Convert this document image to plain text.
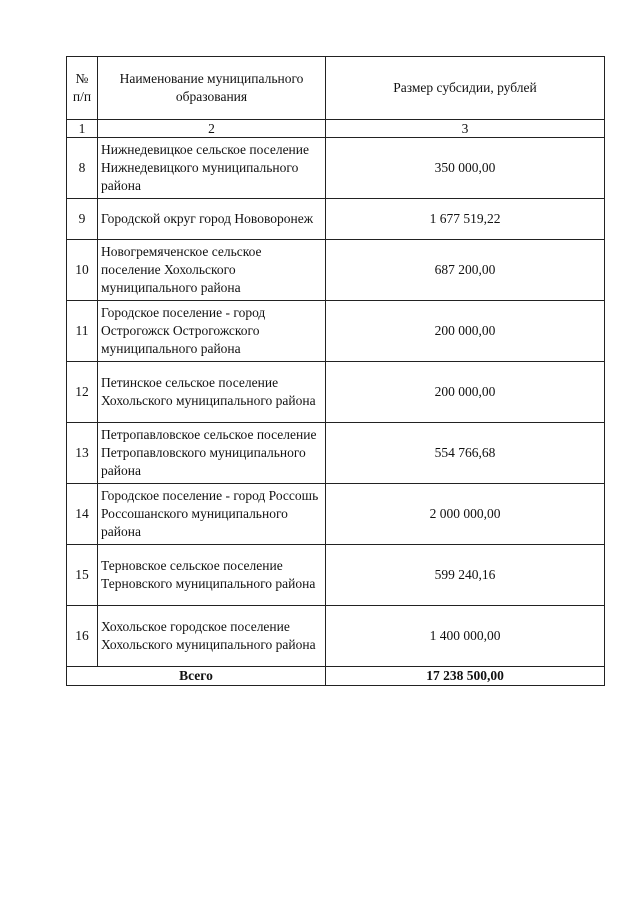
№ п/п	Наименование муниципального образования	Размер субсидии, рублей
1	2	3
8	Нижнедевицкое сельское поселение Нижнедевицкого муниципального района	350 000,00
9	Городской округ город Нововоронеж	1 677 519,22
10	Новогремяченское сельское поселение Хохольского муниципального района	687 200,00
11	Городское поселение - город Острогожск Острогожского муниципального района	200 000,00
12	Петинское сельское поселение Хохольского муниципального района	200 000,00
13	Петропавловское сельское поселение Петропавловского муниципального района	554 766,68
14	Городское поселение - город Россошь Россошанского муниципального района	2 000 000,00
15	Терновское сельское поселение Терновского муниципального района	599 240,16
16	Хохольское городское поселение Хохольского муниципального района	1 400 000,00
Всего		17 238 500,00
